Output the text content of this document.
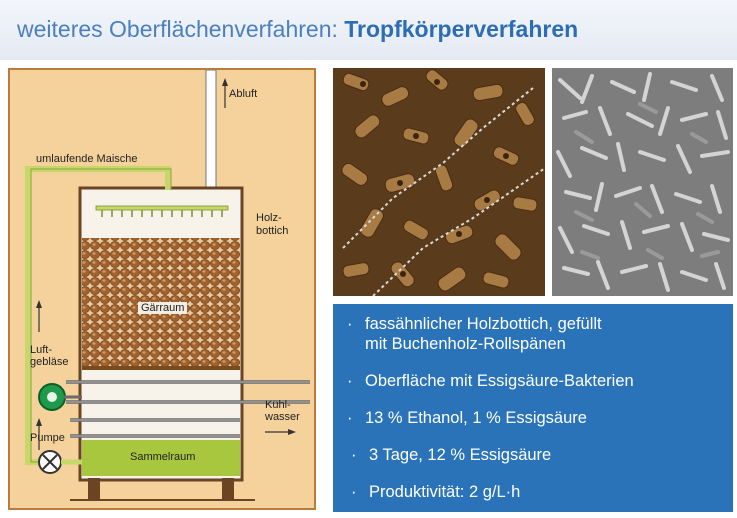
weiteres Oberflächenverfahren: Tropfkörperverfahren
Abluft
umlaufende Maische
Holz-
bottich
Gärraum
Luft-
gebläse
Kühl-
wasser
Pumpe
Sammelraum
· fassähnlicher Holzbottich, gefüllt
mit Buchenholz-Rollspänen
· Oberfläche mit Essigsäure-Bakterien
· 13 % Ethanol, 1 % Essigsäure
· 3 Tage, 12 % Essigsäure
· Produktivität: 2 g/L·h
